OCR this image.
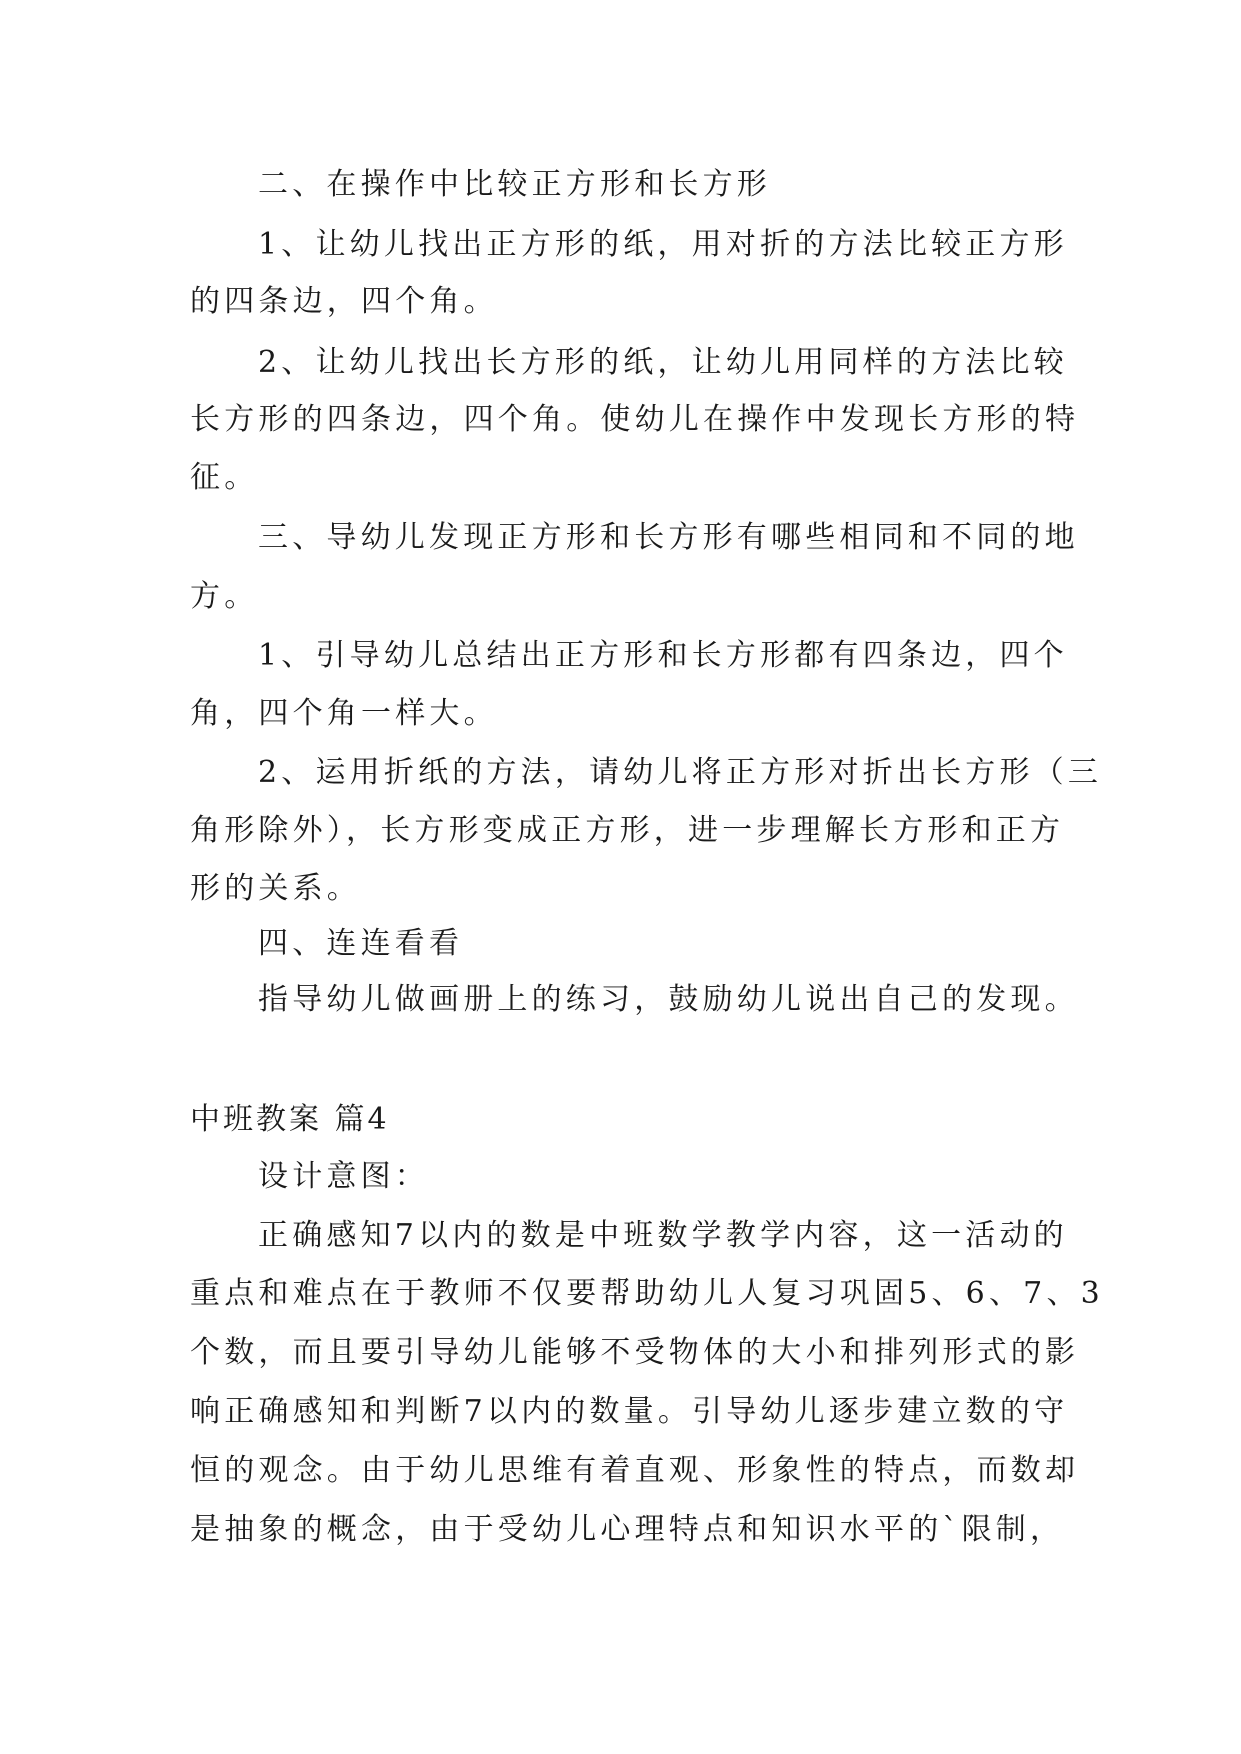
二、在操作中比较正方形和长方形

1、让幼儿找出正方形的纸，用对折的方法比较正方形

的四条边，四个角。

2、让幼儿找出长方形的纸，让幼儿用同样的方法比较

长方形的四条边，四个角。使幼儿在操作中发现长方形的特

征。

三、导幼儿发现正方形和长方形有哪些相同和不同的地

方。

1、引导幼儿总结出正方形和长方形都有四条边，四个

角，四个角一样大。

2、运用折纸的方法，请幼儿将正方形对折出长方形（三

角形除外），长方形变成正方形，进一步理解长方形和正方

形的关系。

四、连连看看

指导幼儿做画册上的练习，鼓励幼儿说出自己的发现。

中班教案 篇4

设计意图：

正确感知7以内的数是中班数学教学内容，这一活动的

重点和难点在于教师不仅要帮助幼儿人复习巩固5、6、7、3

个数，而且要引导幼儿能够不受物体的大小和排列形式的影

响正确感知和判断7以内的数量。引导幼儿逐步建立数的守

恒的观念。由于幼儿思维有着直观、形象性的特点，而数却

是抽象的概念，由于受幼儿心理特点和知识水平的`限制，
